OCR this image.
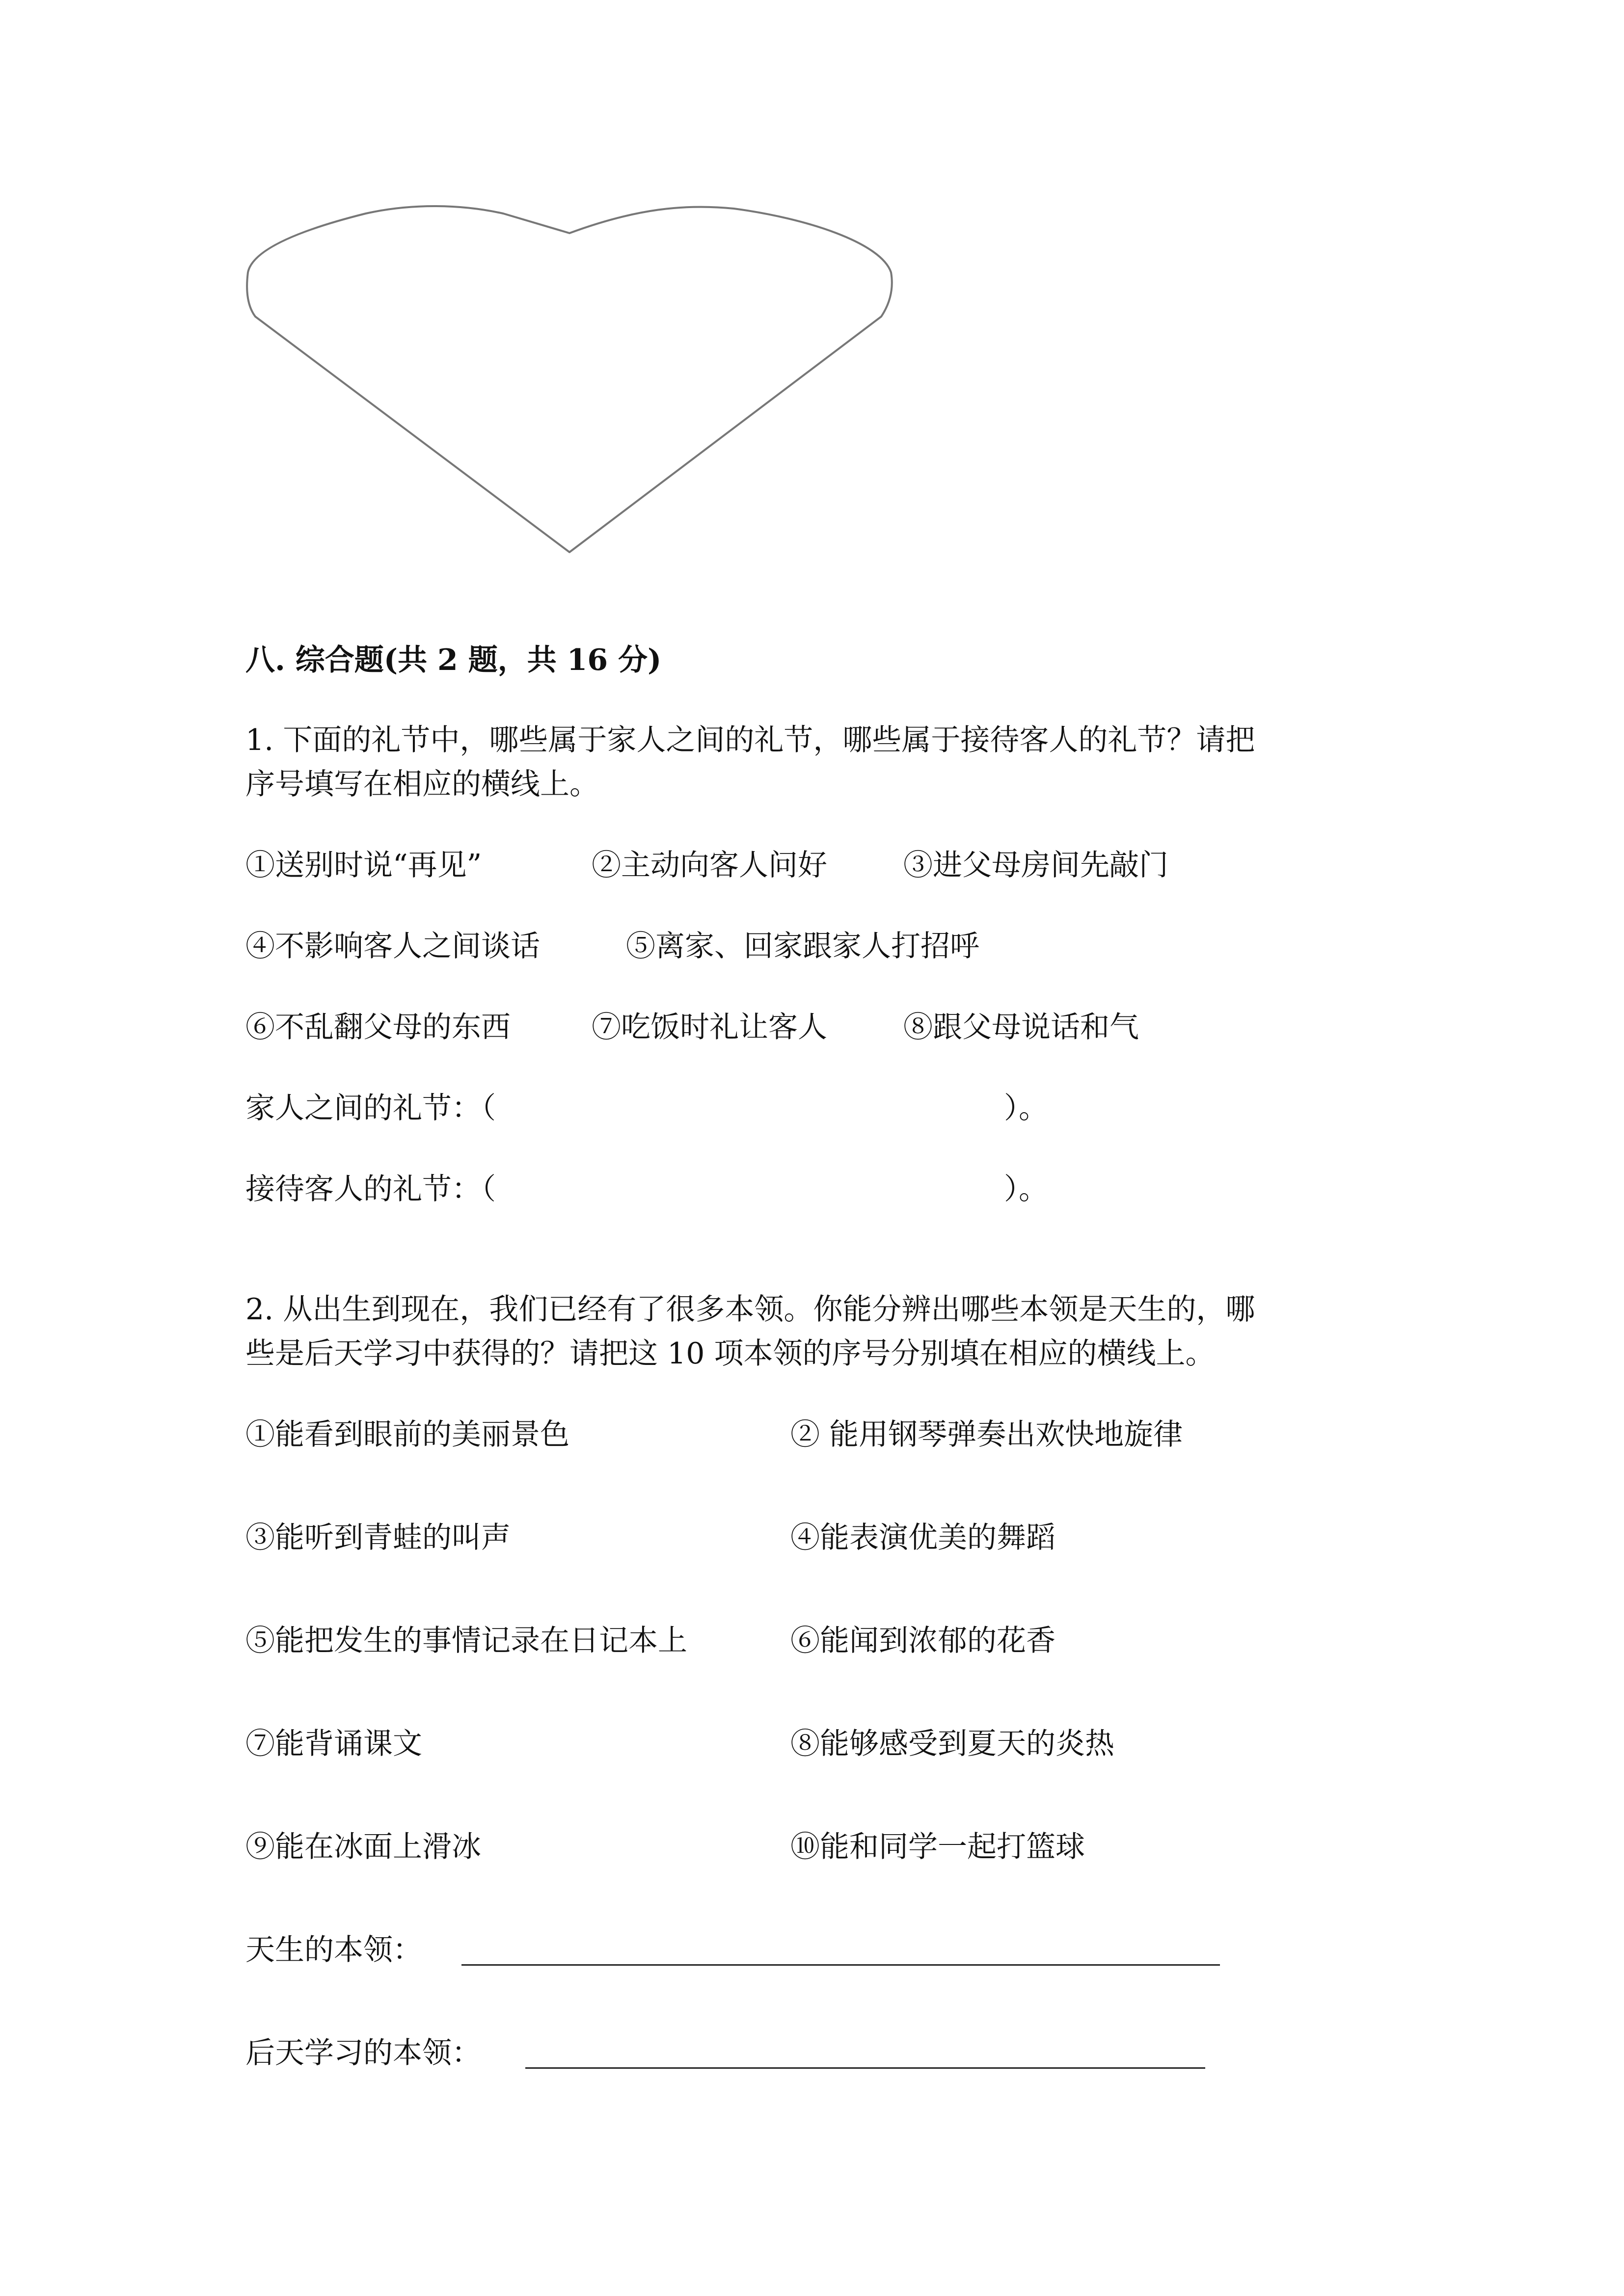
八. 综合题(共 2 题，共 16 分)
1. 下面的礼节中，哪些属于家人之间的礼节，哪些属于接待客人的礼节？请把
序号填写在相应的横线上。
①送别时说“再见”	②主动向客人问好	③进父母房间先敲门
④不影响客人之间谈话	⑤离家、回家跟家人打招呼
⑥不乱翻父母的东西	⑦吃饭时礼让客人	⑧跟父母说话和气
家人之间的礼节：（	）。
接待客人的礼节：（	）。
2. 从出生到现在，我们已经有了很多本领。你能分辨出哪些本领是天生的，哪
些是后天学习中获得的？请把这 10 项本领的序号分别填在相应的横线上。
①能看到眼前的美丽景色	② 能用钢琴弹奏出欢快地旋律
③能听到青蛙的叫声	④能表演优美的舞蹈
⑤能把发生的事情记录在日记本上	⑥能闻到浓郁的花香
⑦能背诵课文	⑧能够感受到夏天的炎热
⑨能在冰面上滑冰	⑩能和同学一起打篮球
天生的本领：
后天学习的本领：
